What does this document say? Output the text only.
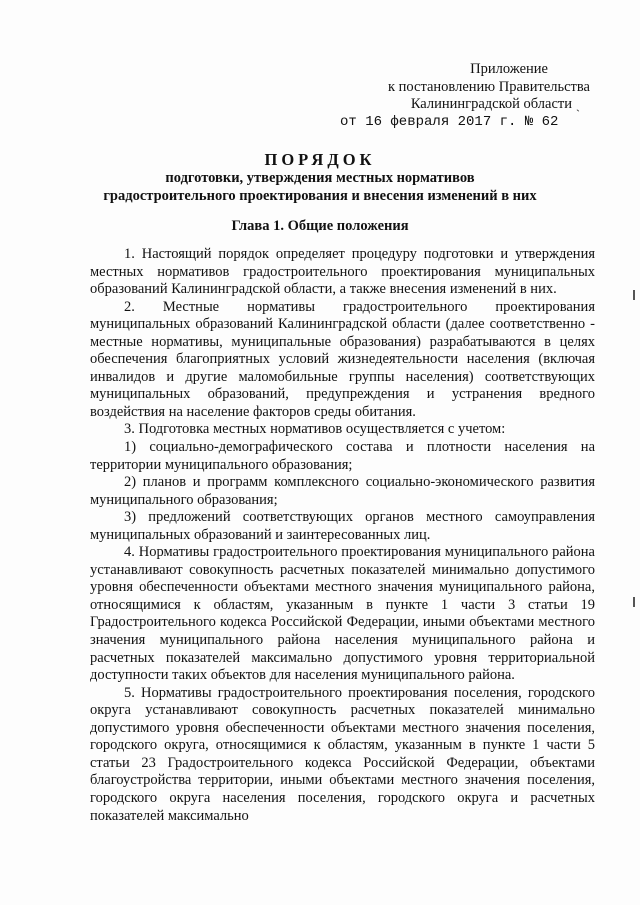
Приложение
к постановлению Правительства
Калининградской области
от 16 февраля 2017 г. № 62	`
ПОРЯДОК
подготовки, утверждения местных нормативов
градостроительного проектирования и внесения изменений в них
Глава 1. Общие положения

1. Настоящий порядок определяет процедуру подготовки и утверждения местных нормативов градостроительного проектирования муниципальных образований Калининградской области, а также внесения изменений в них.

2. Местные нормативы градостроительного проектирования муниципальных образований Калининградской области (далее соответственно - местные нормативы, муниципальные образования) разрабатываются в целях обеспечения благоприятных условий жизнедеятельности населения (включая инвалидов и другие маломобильные группы населения) соответствующих муниципальных образований, предупреждения и устранения вредного воздействия на население факторов среды обитания.

3. Подготовка местных нормативов осуществляется с учетом:

1) социально-демографического состава и плотности населения на территории муниципального образования;

2) планов и программ комплексного социально-экономического развития муниципального образования;

3) предложений соответствующих органов местного самоуправления муниципальных образований и заинтересованных лиц.

4. Нормативы градостроительного проектирования муниципального района устанавливают совокупность расчетных показателей минимально допустимого уровня обеспеченности объектами местного значения муниципального района, относящимися к областям, указанным в пункте 1 части 3 статьи 19 Градостроительного кодекса Российской Федерации, иными объектами местного значения муниципального района населения муниципального района и расчетных показателей максимально допустимого уровня территориальной доступности таких объектов для населения муниципального района.

5. Нормативы градостроительного проектирования поселения, городского округа устанавливают совокупность расчетных показателей минимально допустимого уровня обеспеченности объектами местного значения поселения, городского округа, относящимися к областям, указанным в пункте 1 части 5 статьи 23 Градостроительного кодекса Российской Федерации, объектами благоустройства территории, иными объектами местного значения поселения, городского округа населения поселения, городского округа и расчетных показателей максимально
